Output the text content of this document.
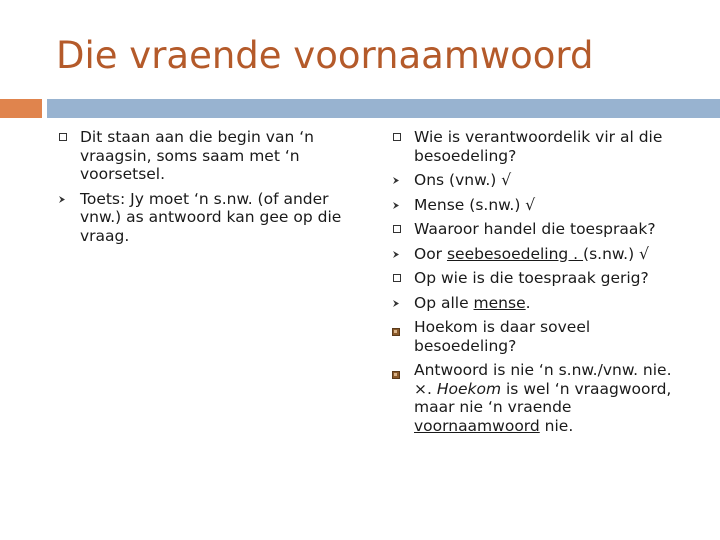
Die vraende voornaamwoord
Dit staan aan die begin van ‘n vraagsin, soms saam met ‘n voorsetsel.
Toets: Jy moet ‘n s.nw. (of ander vnw.) as antwoord kan gee op die vraag.
Wie is verantwoordelik vir al die besoedeling?
Ons (vnw.) √
Mense (s.nw.) √
Waaroor handel die toespraak?
Oor seebesoedeling . (s.nw.) √
Op wie is die toespraak gerig?
Op alle mense.
Hoekom is daar soveel besoedeling?
Antwoord is nie ‘n s.nw./vnw. nie. ×. Hoekom is wel ‘n vraagwoord, maar nie ‘n vraende voornaamwoord nie.
